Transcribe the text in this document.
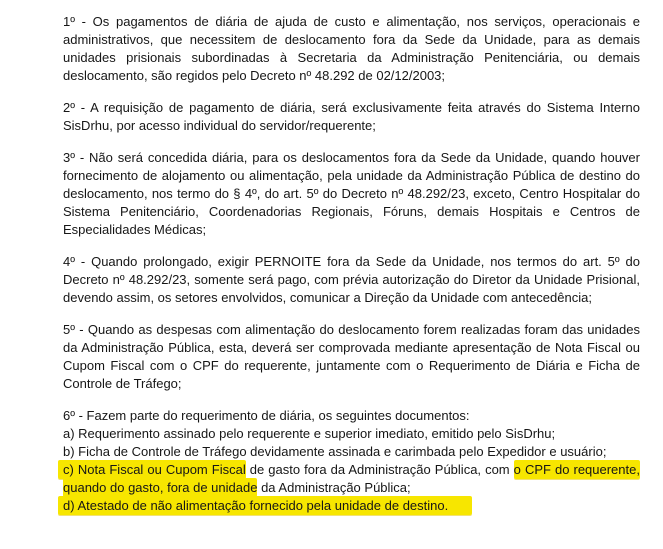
1º - Os pagamentos de diária de ajuda de custo e alimentação, nos serviços, operacionais e administrativos, que necessitem de deslocamento fora da Sede da Unidade, para as demais unidades prisionais subordinadas à Secretaria da Administração Penitenciária, ou demais deslocamento, são regidos pelo Decreto nº 48.292 de 02/12/2003;

2º - A requisição de pagamento de diária, será exclusivamente feita através do Sistema Interno SisDrhu, por acesso individual do servidor/requerente;

3º - Não será concedida diária, para os deslocamentos fora da Sede da Unidade, quando houver fornecimento de alojamento ou alimentação, pela unidade da Administração Pública de destino do deslocamento, nos termo do § 4º, do art. 5º do Decreto nº 48.292/23, exceto, Centro Hospitalar do Sistema Penitenciário, Coordenadorias Regionais, Fóruns, demais Hospitais e Centros de Especialidades Médicas;

4º - Quando prolongado, exigir PERNOITE fora da Sede da Unidade, nos termos do art. 5º do Decreto nº 48.292/23, somente será pago, com prévia autorização do Diretor da Unidade Prisional, devendo assim, os setores envolvidos, comunicar a Direção da Unidade com antecedência;

5º - Quando as despesas com alimentação do deslocamento forem realizadas foram das unidades da Administração Pública, esta, deverá ser comprovada mediante apresentação de Nota Fiscal ou Cupom Fiscal com o CPF do requerente, juntamente com o Requerimento de Diária e Ficha de Controle de Tráfego;

6º - Fazem parte do requerimento de diária, os seguintes documentos:

a) Requerimento assinado pelo requerente e superior imediato, emitido pelo SisDrhu;

b) Ficha de Controle de Tráfego devidamente assinada e carimbada pelo Expedidor e usuário;

c) Nota Fiscal ou Cupom Fiscal de gasto fora da Administração Pública, com o CPF do requerente, quando do gasto, fora de unidade da Administração Pública;

d) Atestado de não alimentação fornecido pela unidade de destino.
